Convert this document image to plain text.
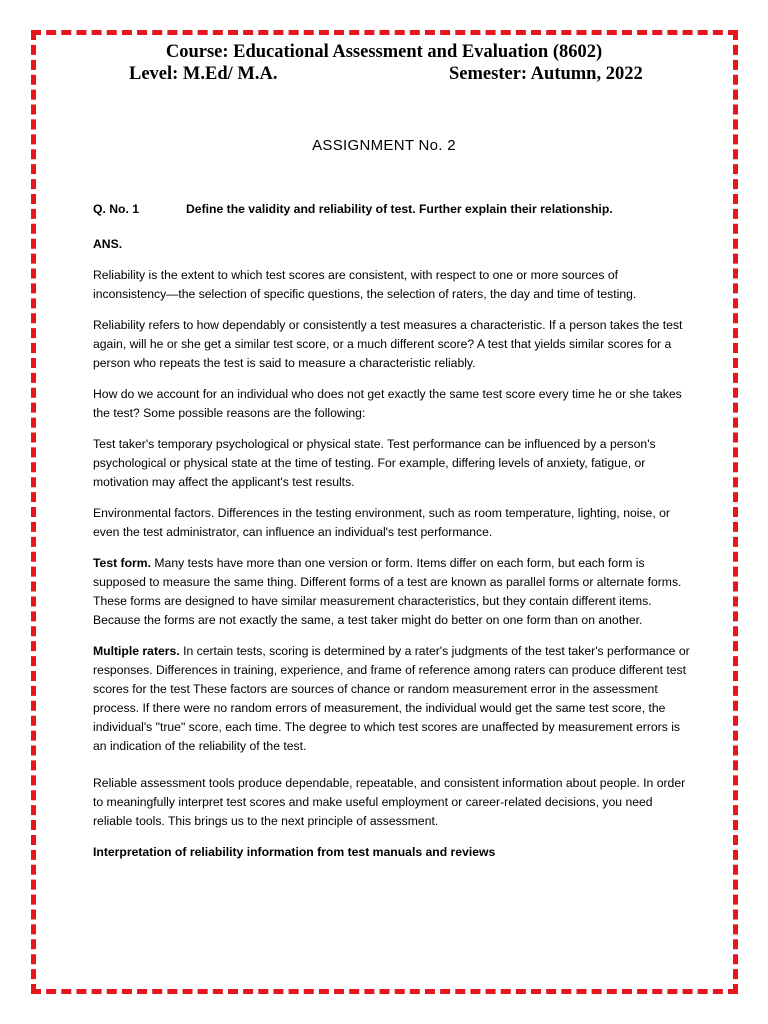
Course: Educational Assessment and Evaluation (8602)
Level: M.Ed/ M.A.	Semester: Autumn, 2022
ASSIGNMENT No. 2

Q. No. 1	Define the validity and reliability of test. Further explain their relationship.

ANS.

Reliability is the extent to which test scores are consistent, with respect to one or more sources of inconsistency—the selection of specific questions, the selection of raters, the day and time of testing.

Reliability refers to how dependably or consistently a test measures a characteristic. If a person takes the test again, will he or she get a similar test score, or a much different score? A test that yields similar scores for a person who repeats the test is said to measure a characteristic reliably.

How do we account for an individual who does not get exactly the same test score every time he or she takes the test? Some possible reasons are the following:

Test taker's temporary psychological or physical state. Test performance can be influenced by a person's psychological or physical state at the time of testing. For example, differing levels of anxiety, fatigue, or motivation may affect the applicant's test results.

Environmental factors. Differences in the testing environment, such as room temperature, lighting, noise, or even the test administrator, can influence an individual's test performance.

Test form. Many tests have more than one version or form. Items differ on each form, but each form is supposed to measure the same thing. Different forms of a test are known as parallel forms or alternate forms. These forms are designed to have similar measurement characteristics, but they contain different items. Because the forms are not exactly the same, a test taker might do better on one form than on another.

Multiple raters. In certain tests, scoring is determined by a rater's judgments of the test taker's performance or responses. Differences in training, experience, and frame of reference among raters can produce different test scores for the test These factors are sources of chance or random measurement error in the assessment process. If there were no random errors of measurement, the individual would get the same test score, the individual's "true" score, each time. The degree to which test scores are unaffected by measurement errors is an indication of the reliability of the test.

Reliable assessment tools produce dependable, repeatable, and consistent information about people. In order to meaningfully interpret test scores and make useful employment or career-related decisions, you need reliable tools. This brings us to the next principle of assessment.

Interpretation of reliability information from test manuals and reviews
